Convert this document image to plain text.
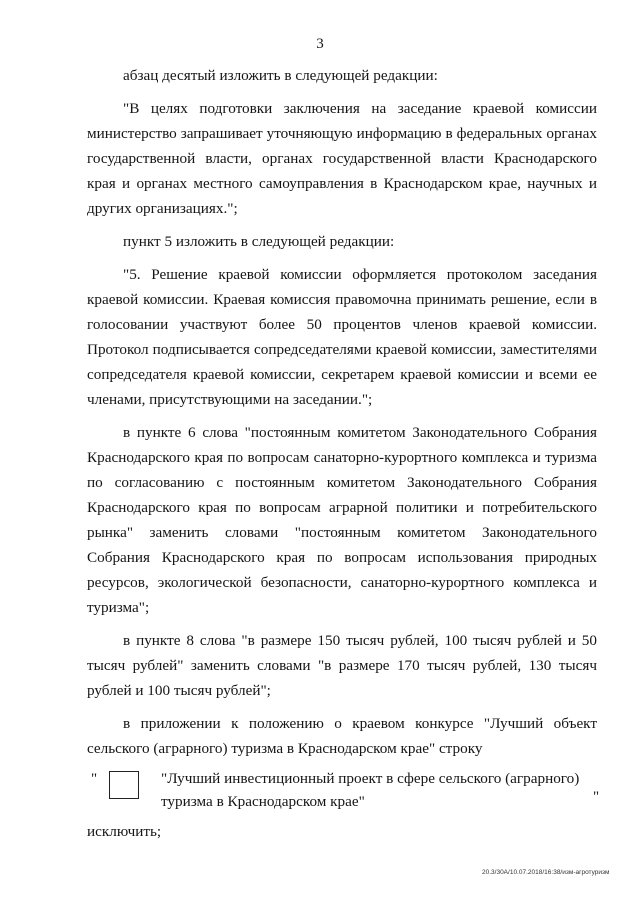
3

абзац десятый изложить в следующей редакции:

"В целях подготовки заключения на заседание краевой комиссии министерство запрашивает уточняющую информацию в федеральных органах государственной власти, органах государственной власти Краснодарского края и органах местного самоуправления в Краснодарском крае, научных и других организациях.";

пункт 5 изложить в следующей редакции:

"5. Решение краевой комиссии оформляется протоколом заседания краевой комиссии. Краевая комиссия правомочна принимать решение, если в голосовании участвуют более 50 процентов членов краевой комиссии. Протокол подписывается сопредседателями краевой комиссии, заместителями сопредседателя краевой комиссии, секретарем краевой комиссии и всеми ее членами, присутствующими на заседании.";

в пункте 6 слова "постоянным комитетом Законодательного Собрания Краснодарского края по вопросам санаторно-курортного комплекса и туризма по согласованию с постоянным комитетом Законодательного Собрания Краснодарского края по вопросам аграрной политики и потребительского рынка" заменить словами "постоянным комитетом Законодательного Собрания Краснодарского края по вопросам использования природных ресурсов, экологической безопасности, санаторно-курортного комплекса и туризма";

в пункте 8 слова "в размере 150 тысяч рублей, 100 тысяч рублей и 50 тысяч рублей" заменить словами "в размере 170 тысяч рублей, 130 тысяч рублей и 100 тысяч рублей";

в приложении к положению о краевом конкурсе "Лучший объект сельского (аграрного) туризма в Краснодарском крае" строку

"	"Лучший инвестиционный проект в сфере сельского (аграрного) туризма в Краснодарском крае"	"

исключить;

20.3/30А/10.07.2018/16:38/изм-агротуризм
